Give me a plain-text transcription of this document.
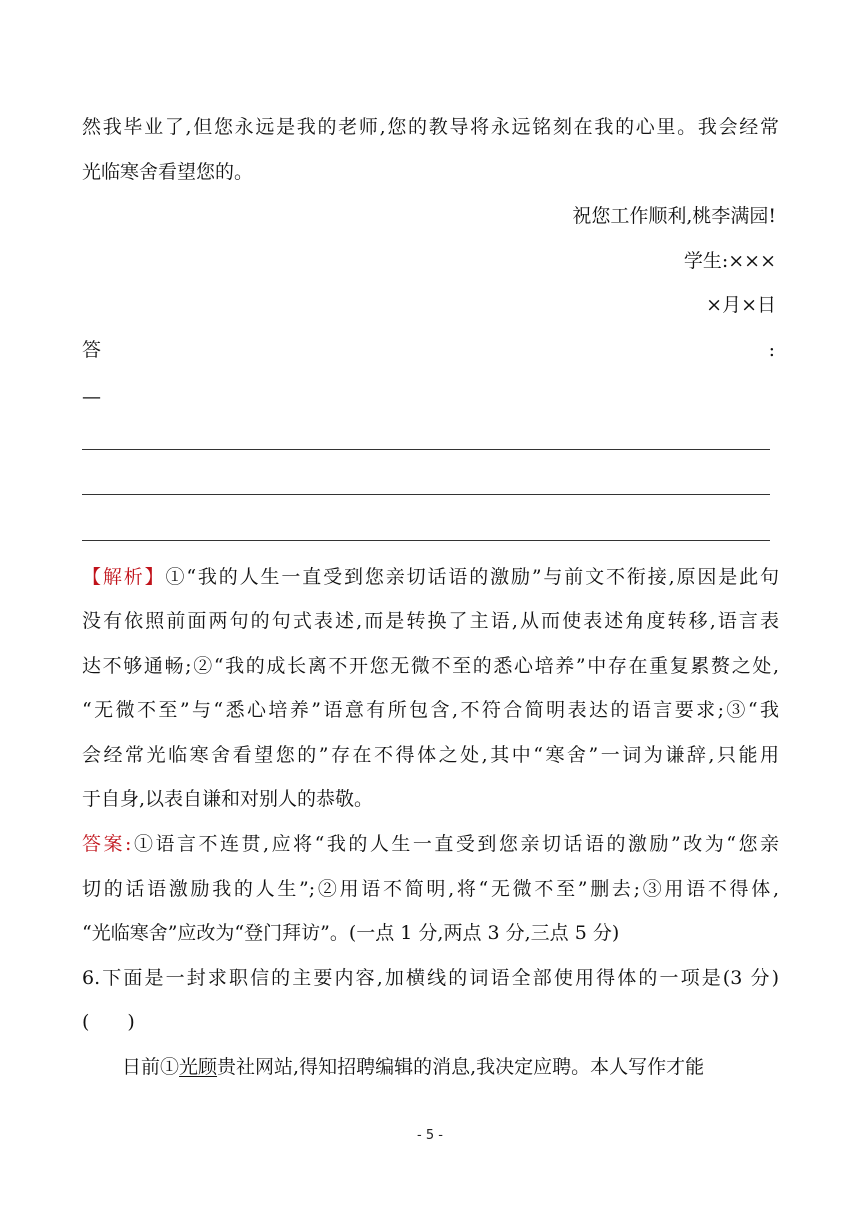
然我毕业了,但您永远是我的老师,您的教导将永远铭刻在我的心里。我会经常
光临寒舍看望您的。
祝您工作顺利,桃李满园!
学生:×××
×月×日
答	:
—
【解析】①“我的人生一直受到您亲切话语的激励”与前文不衔接,原因是此句
没有依照前面两句的句式表述,而是转换了主语,从而使表述角度转移,语言表
达不够通畅;②“我的成长离不开您无微不至的悉心培养”中存在重复累赘之处,
“无微不至”与“悉心培养”语意有所包含,不符合简明表达的语言要求;③“我
会经常光临寒舍看望您的”存在不得体之处,其中“寒舍”一词为谦辞,只能用
于自身,以表自谦和对别人的恭敬。
答案:①语言不连贯,应将“我的人生一直受到您亲切话语的激励”改为“您亲
切的话语激励我的人生”;②用语不简明,将“无微不至”删去;③用语不得体,
“光临寒舍”应改为“登门拜访”。(一点 1 分,两点 3 分,三点 5 分)
6.下面是一封求职信的主要内容,加横线的词语全部使用得体的一项是(3 分)
(　　)
日前①光顾贵社网站,得知招聘编辑的消息,我决定应聘。本人写作才能
- 5 -
